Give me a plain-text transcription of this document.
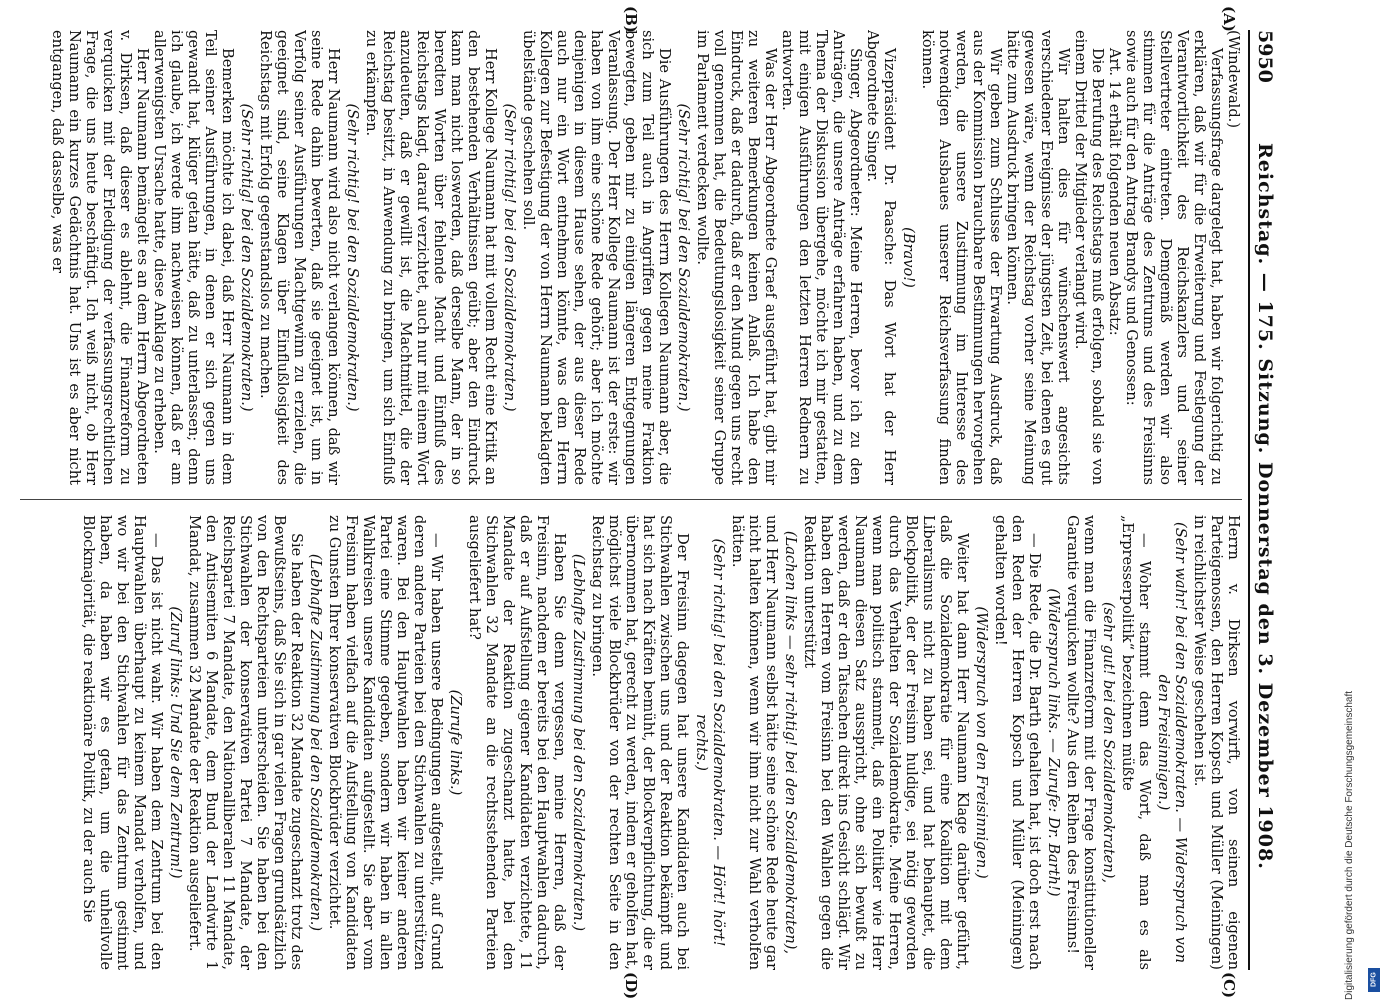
5950
Reichstag. — 175. Sitzung. Donnerstag den 3. Dezember 1908.
(A)
(B)
(C)
(D)

(Windewald.)

Verfassungsfrage dargelegt hat, haben wir folgerichtig zu erklären, daß wir für die Erweiterung und Festlegung der Verantwortlichkeit des Reichskanzlers und seiner Stellvertreter eintreten. Demgemäß werden wir also stimmen für die Anträge des Zentrums und des Freisinns sowie auch für den Antrag Brandys und Genossen:

Art. 14 erhält folgenden neuen Absatz:

Die Berufung des Reichstags muß erfolgen, sobald sie von einem Drittel der Mitglieder verlangt wird.

Wir halten dies für wünschenswert angesichts verschiedener Ereignisse der jüngsten Zeit, bei denen es gut gewesen wäre, wenn der Reichstag vorher seine Meinung hätte zum Ausdruck bringen können.

Wir geben zum Schlusse der Erwartung Ausdruck, daß aus der Kommission brauchbare Bestimmungen hervorgehen werden, die unsere Zustimmung im Interesse des notwendigen Ausbaues unserer Reichsverfassung finden können.

(Bravo!)

Vizepräsident Dr. Paasche: Das Wort hat der Herr Abgeordnete Singer.

Singer, Abgeordneter: Meine Herren, bevor ich zu den Anträgen, die unsere Anträge erfahren haben, und zu dem Thema der Diskussion übergehe, möchte ich mir gestatten, mit einigen Ausführungen den letzten Herren Rednern zu antworten.

Was der Herr Abgeordnete Graef ausgeführt hat, gibt mir zu weiteren Bemerkungen keinen Anlaß. Ich habe den Eindruck, daß er dadurch, daß er den Mund gegen uns recht voll genommen hat, die Bedeutungslosigkeit seiner Gruppe im Parlament verdecken wollte.

(Sehr richtig! bei den Sozialdemokraten.)

Die Ausführungen des Herrn Kollegen Naumann aber, die sich zum Teil auch in Angriffen gegen meine Fraktion bewegten, geben mir zu einigen längeren Entgegnungen Veranlassung. Der Herr Kollege Naumann ist der erste: wir haben von ihm eine schöne Rede gehört; aber ich möchte denjenigen in diesem Hause sehen, der aus dieser Rede auch nur ein Wort entnehmen könnte, was dem Herrn Kollegen zur Befestigung der von Herrn Naumann beklagten übelstände geschehen soll.

(Sehr richtig! bei den Sozialdemokraten.)

Herr Kollege Naumann hat mit vollem Recht eine Kritik an den bestehenden Verhältnissen geübt; aber den Eindruck kann man nicht loswerden, daß derselbe Mann, der in so beredten Worten über fehlende Macht und Einfluß des Reichstags klagt, darauf verzichtet, auch nur mit einem Wort anzudeuten, daß er gewillt ist, die Machtmittel, die der Reichstag besitzt, in Anwendung zu bringen, um sich Einfluß zu erkämpfen.

(Sehr richtig! bei den Sozialdemokraten.)

Herr Naumann wird also nicht verlangen können, daß wir seine Rede dahin bewerten, daß sie geeignet ist, um in Verfolg seiner Ausführungen Machtgewinn zu erzielen, die geeignet sind, seine Klagen über Einflußlosigkeit des Reichstags mit Erfolg gegenstandslos zu machen.

(Sehr richtig! bei den Sozialdemokraten.)

Bemerken möchte ich dabei, daß Herr Naumann in dem Teil seiner Ausführungen, in denen er sich gegen uns gewandt hat, klüger getan hätte, daß zu unterlassen; denn ich glaube, ich werde ihm nachweisen können, daß er am allerwenigsten Ursache hatte, diese Anklage zu erheben.

Herr Naumann bemängelt es an dem Herrn Abgeordneten v. Dirksen, daß dieser es ablehnt, die Finanzreform zu verquicken mit der Erledigung der verfassungsrechtlichen Frage, die uns heute beschäftigt. Ich weiß nicht, ob Herr Naumann ein kurzes Gedächtnis hat. Uns ist es aber nicht entgangen, daß dasselbe, was er

Herrn v. Dirksen vorwirft, von seinen eigenen Parteigenossen, den Herren Kopsch und Müller (Meiningen) in reichlichster Weise geschehen ist.

(Sehr wahr! bei den Sozialdemokraten. — Widerspruch von den Freisinnigen.)

— Woher stammt denn das Wort, daß man es als „Erpresserpolitik“ bezeichnen müßte

(sehr gut! bei den Sozialdemokraten),

wenn man die Finanzreform mit der Frage konstitutioneller Garantie verquicken wollte? Aus den Reihen des Freisinns!

(Widerspruch links. — Zurufe: Dr. Barth!)

— Die Rede, die Dr. Barth gehalten hat, ist doch erst nach den Reden der Herren Kopsch und Müller (Meiningen) gehalten worden!

(Widerspruch von den Freisinnigen.)

Weiter hat dann Herr Naumann Klage darüber geführt, daß die Sozialdemokratie für eine Koalition mit dem Liberalismus nicht zu haben sei, und hat behauptet, die Blockpolitik, der der Freisinn huldige, sei nötig geworden durch das Verhalten der Sozialdemokratie. Meine Herren, wenn man politisch stammelt, daß ein Politiker wie Herr Naumann diesen Satz ausspricht, ohne sich bewußt zu werden, daß er den Tatsachen direkt ins Gesicht schlägt. Wir haben den Herren vom Freisinn bei den Wahlen gegen die Reaktion unterstützt

(Lachen links — sehr richtig! bei den Sozialdemokraten),

und Herr Naumann selbst hätte seine schöne Rede heute gar nicht halten können, wenn wir ihm nicht zur Wahl verholfen hätten.

(Sehr richtig! bei den Sozialdemokraten. — Hört! hört! rechts.)

Der Freisinn dagegen hat unsere Kandidaten auch bei Stichwahlen zwischen uns und der Reaktion bekämpft und hat sich nach Kräften bemüht, der Blockverpflichtung, die er übernommen hat, gerecht zu werden, indem er geholfen hat, möglichst viele Blockbrüder von der rechten Seite in den Reichstag zu bringen.

(Lebhafte Zustimmung bei den Sozialdemokraten.)

Haben Sie denn vergessen, meine Herren, daß der Freisinn, nachdem er bereits bei den Hauptwahlen dadurch, daß er auf Aufstellung eigener Kandidaten verzichtete, 11 Mandate der Reaktion zugeschanzt hatte, bei den Stichwahlen 32 Mandate an die rechtsstehenden Parteien ausgeliefert hat?

(Zurufe links.)

— Wir haben unsere Bedingungen aufgestellt, auf Grund deren andere Parteien bei den Stichwahlen zu unterstützen waren. Bei den Hauptwahlen haben wir keiner anderen Partei eine Stimme gegeben, sondern wir haben in allen Wahlkreisen unsere Kandidaten aufgestellt. Sie aber vom Freisinn haben vielfach auf die Aufstellung von Kandidaten zu Gunsten Ihrer konservativen Blockbrüder verzichtet.

(Lebhafte Zustimmung bei den Sozialdemokraten.)

Sie haben der Reaktion 32 Mandate zugeschanzt trotz des Bewußtseins, daß Sie sich in gar vielen Fragen grundsätzlich von den Rechtsparteien unterscheiden. Sie haben bei den Stichwahlen der konservativen Partei 7 Mandate, der Reichspartei 7 Mandate, den Nationalliberalen 11 Mandate, den Antisemiten 6 Mandate, dem Bund der Landwirte 1 Mandat, zusammen 32 Mandate der Reaktion ausgeliefert.

(Zuruf links: Und Sie dem Zentrum!)

— Das ist nicht wahr. Wir haben dem Zentrum bei den Hauptwahlen überhaupt zu keinem Mandat verholfen, und wo wir bei den Stichwahlen für das Zentrum gestimmt haben, da haben wir es getan, um die unheilvolle Blockmajorität, die reaktionäre Politik, zu der auch Sie	Digitalisierung gefördert durch die Deutsche Forschungsgemeinschaft	DFG
